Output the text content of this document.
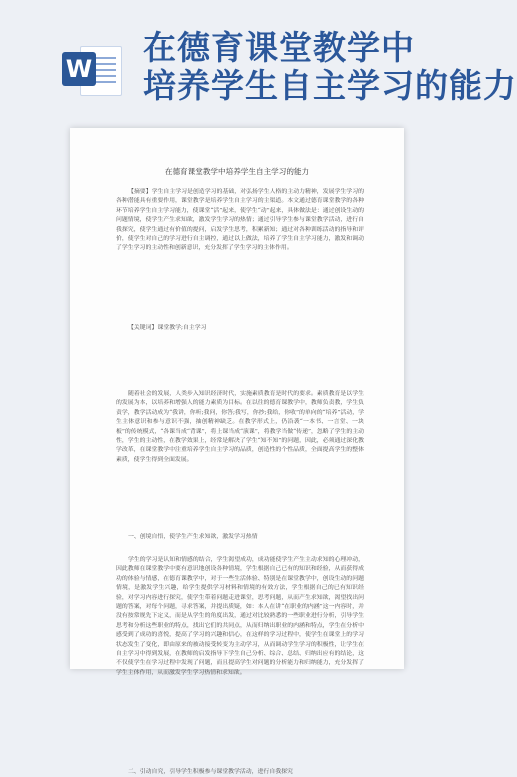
W
在德育课堂教学中
培养学生自主学习的能力
在德育课堂教学中培养学生自主学习的能力

【摘要】学生自主学习是创造学习的基础，对弘扬学生人格的主动力精神，发展学生学习的各种潜能具有重要作用，课堂教学是培养学生自主学习的主渠道。本文通过德育课堂教学的各种环节培养学生自主学习能力，使课堂“活”起来，使学生“动”起来，具体做法是：通过创设生动的问题情境，使学生产生求知欲，激发学生学习的热情；通过引导学生参与课堂教学活动，进行自我探究，使学生通过有价值的提问，启发学生思考，积累新知；通过对各种训练活动的指导和评价，使学生对自己的学习进行自主调控，通过以上做法，培养了学生自主学习能力，激发和调动了学生学习的主动性和创新意识，充分发挥了学生学习的主体作用。

【关键词】课堂教学;自主学习

随着社会的发展，人类步入知识经济时代，实施素质教育是时代的要求。素质教育是以学生的发展为本，以培养和增强人的能力素质为目标。在以往的德育课教学中，教师负责教，学生负责学，教学活动成为“我讲，你听;我问，你答;我写，你抄;我给，你收”的单向的“培养”活动，学生主体意识和参与意识不强，抽创精神缺乏。在教学形式上，仍沿袭“一本书、一言堂、一块板”的传统模式，“各课当成“背课”，将上课当成“演课”，将教学当做“传递”，忽略了学生的主动性，学生的主动性，在教学效果上，经常是解决了学生“知不知”的问题，因此，必须通过深化教学改革，在课堂教学中注重培养学生自主学习的品质，创造性的个性品质，全面提高学生的整体素质，使学生得到全面发展。

一、创境自悟，使学生产生求知欲，激发学习热情

学生的学习是认知和情感的结合，学生渴望成功，成功能使学生产生主动求知的心理冲动，因此教师在课堂教学中要有意识地创设各种情境，学生根据自己已有的知识和经验，从而获得成功的体验与情感，在德育课教学中，对于一些生活体验、特别是在课堂教学中，创设生动的问题情境，是激发学生兴趣，给学生提供学习材料和情境的有效方法，学生根据自己的已有知识经验，对学习内容进行探究，使学生带着问题走进课堂，思考问题，从而产生求知欲，渴望找出问题的答案，对每个问题，寻求答案，并提出质疑，如：本人在讲“在职业的内涵”这一内容时，并没有按常规先下定义，而是从学生的角度出发，通过对比较熟悉的一些职业进行分析，引导学生思考和分析这些职业的特点，找出它们的共同点，从而归纳出职业的内涵和特点，学生在分析中感受到了成功的喜悦，提高了学习的兴趣和信心，在这样的学习过程中，使学生在课堂上的学习状态发生了变化，即由原来的被动接受转变为主动学习，从而调动学生学习的积极性，让学生在自主学习中得到发展，在教师的启发指导下学生自己分析、综合、总结、归纳出应有的结论，这不仅使学生在学习过程中发现了问题，而且提高学生对问题的分析能力和归纳能力，充分发挥了学生主体作用，从而激发学生学习热情和求知欲。

二、引动自究，引导学生积极参与课堂教学活动，进行自我探究
